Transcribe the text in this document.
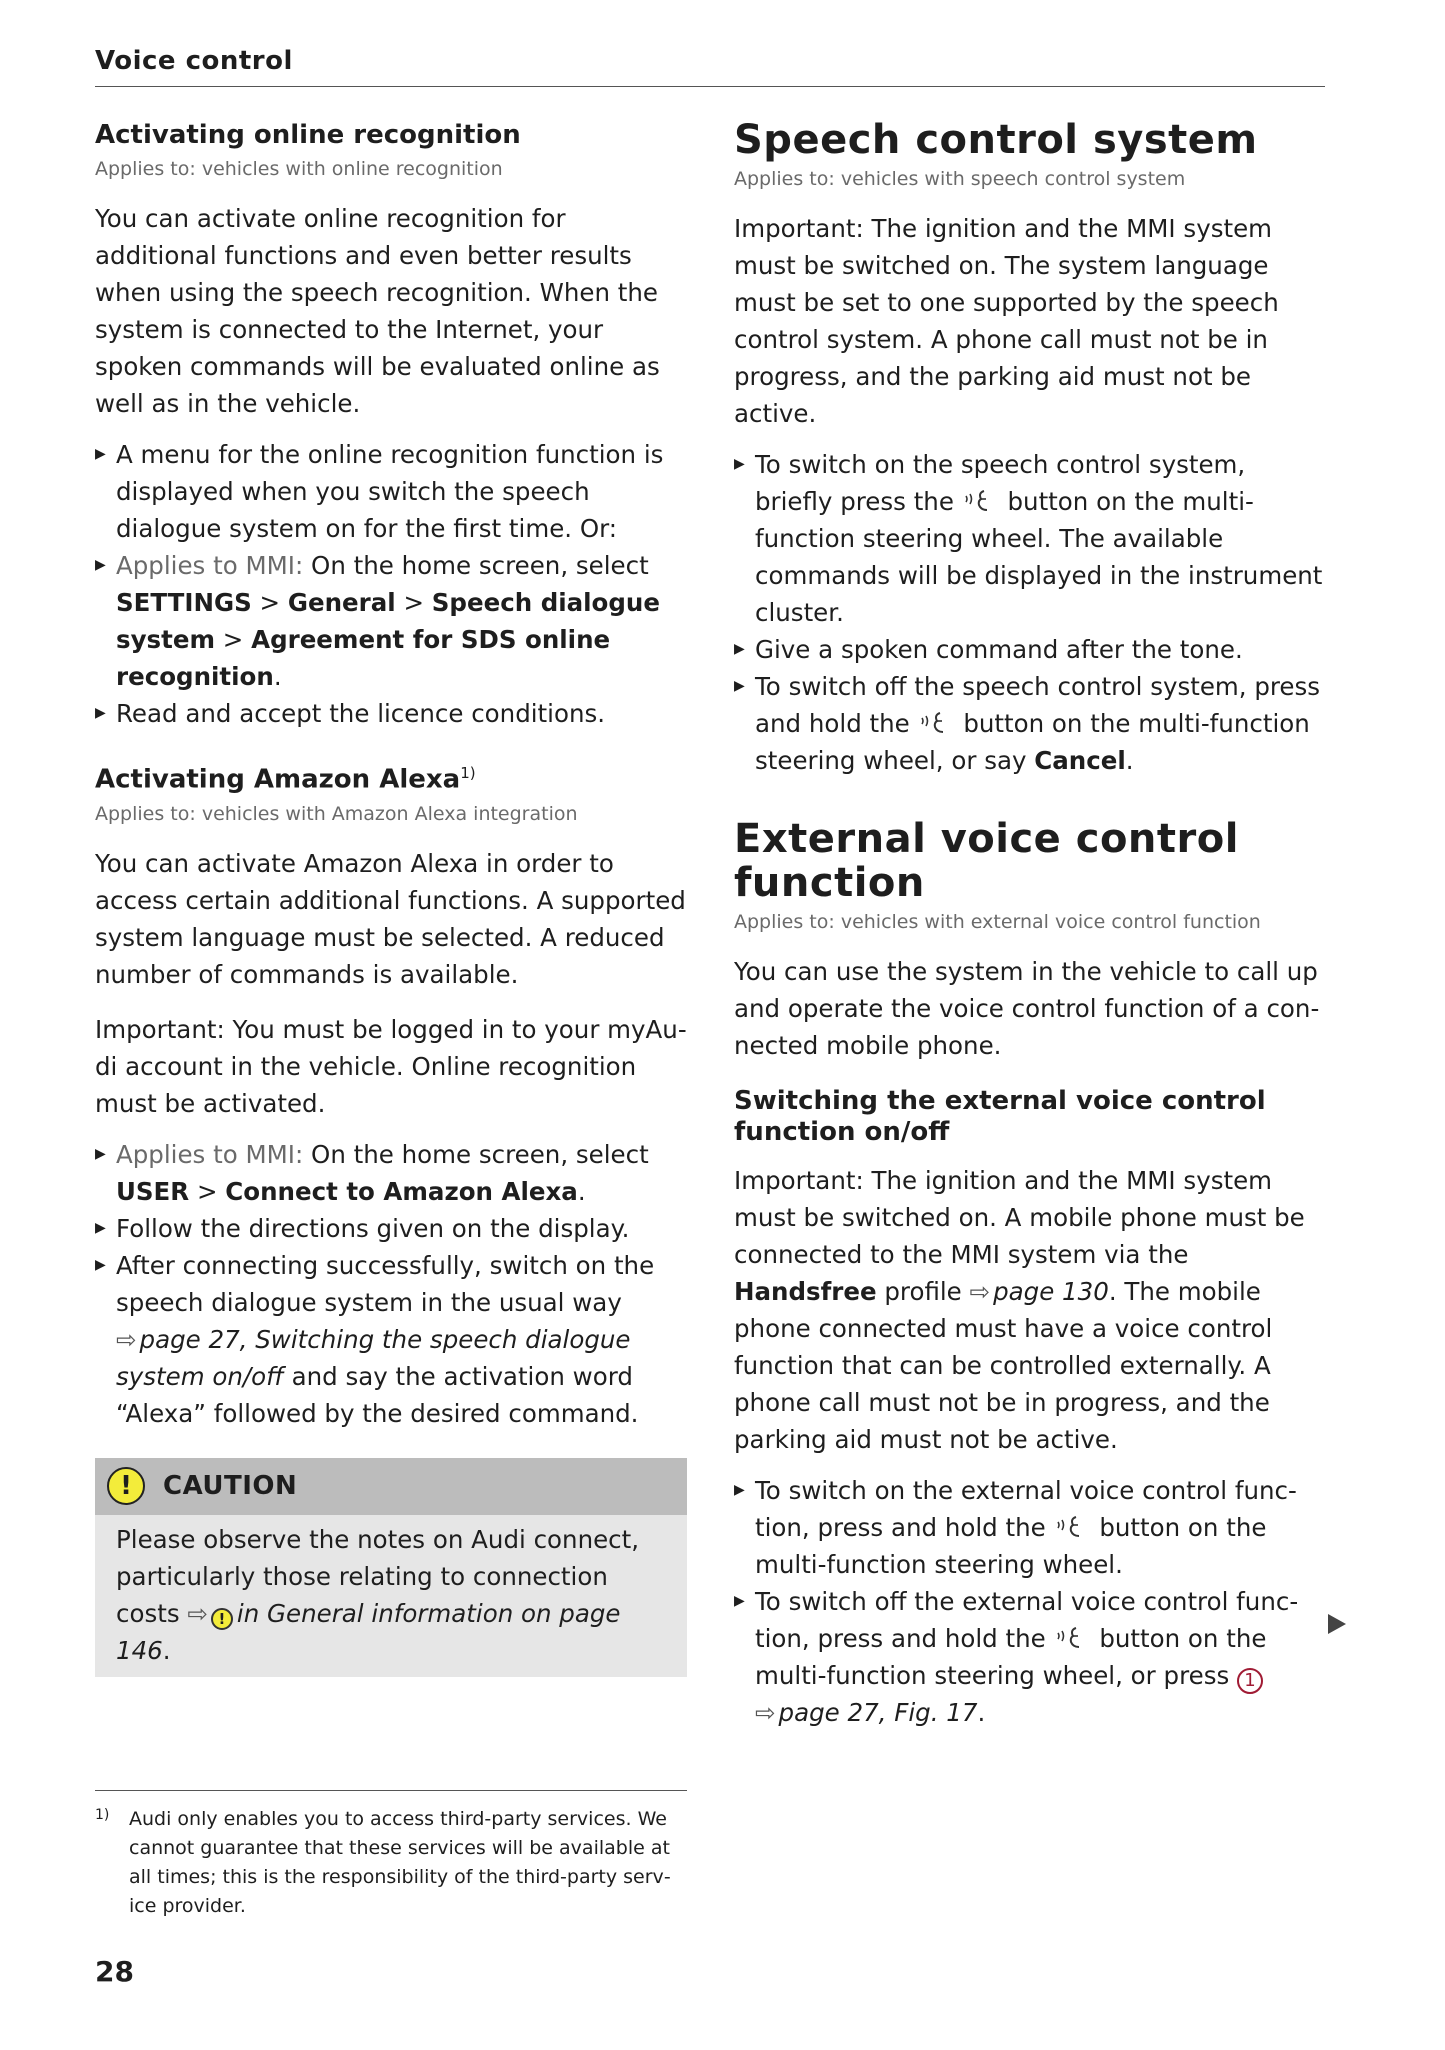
Voice control
Activating online recognition
Applies to: vehicles with online recognition

You can activate online recognition for additional functions and even better results when using the speech recognition. When the system is connected to the Internet, your spoken commands will be evaluated online as well as in the vehicle.

▶ A menu for the online recognition function is displayed when you switch the speech dialogue system on for the first time. Or:
▶ Applies to MMI: On the home screen, select SETTINGS > General > Speech dialogue system > Agreement for SDS online recognition.
▶ Read and accept the licence conditions.
Activating Amazon Alexa$^{1)}$
Applies to: vehicles with Amazon Alexa integration

You can activate Amazon Alexa in order to access certain additional functions. A supported system language must be selected. A reduced number of commands is available.

Important: You must be logged in to your myAudi account in the vehicle. Online recognition must be activated.

▶ Applies to MMI: On the home screen, select USER > Connect to Amazon Alexa.
▶ Follow the directions given on the display.
▶ After connecting successfully, switch on the speech dialogue system in the usual way ⇨ page 27, Switching the speech dialogue system on/off and say the activation word “Alexa” followed by the desired command.
!	CAUTION
Please observe the notes on Audi connect, particularly those relating to connection costs ⇨ ! in General information on page 146.
Speech control system
Applies to: vehicles with speech control system

Important: The ignition and the MMI system must be switched on. The system language must be set to one supported by the speech control system. A phone call must not be in progress, and the parking aid must not be active.

▶ To switch on the speech control system, briefly press the  button on the multi-function steering wheel. The available commands will be displayed in the instrument cluster.
▶ Give a spoken command after the tone.
▶ To switch off the speech control system, press and hold the  button on the multi-function steering wheel, or say Cancel.
External voice control function
Applies to: vehicles with external voice control function

You can use the system in the vehicle to call up and operate the voice control function of a connected mobile phone.

Switching the external voice control function on/off

Important: The ignition and the MMI system must be switched on. A mobile phone must be connected to the MMI system via the Handsfree profile ⇨ page 130. The mobile phone connected must have a voice control function that can be controlled externally. A phone call must not be in progress, and the parking aid must not be active.

▶ To switch on the external voice control function, press and hold the  button on the multi-function steering wheel.
▶ To switch off the external voice control function, press and hold the  button on the multi-function steering wheel, or press 1 ⇨ page 27, Fig. 17.
1) Audi only enables you to access third-party services. We cannot guarantee that these services will be available at all times; this is the responsibility of the third-party service provider.
28
